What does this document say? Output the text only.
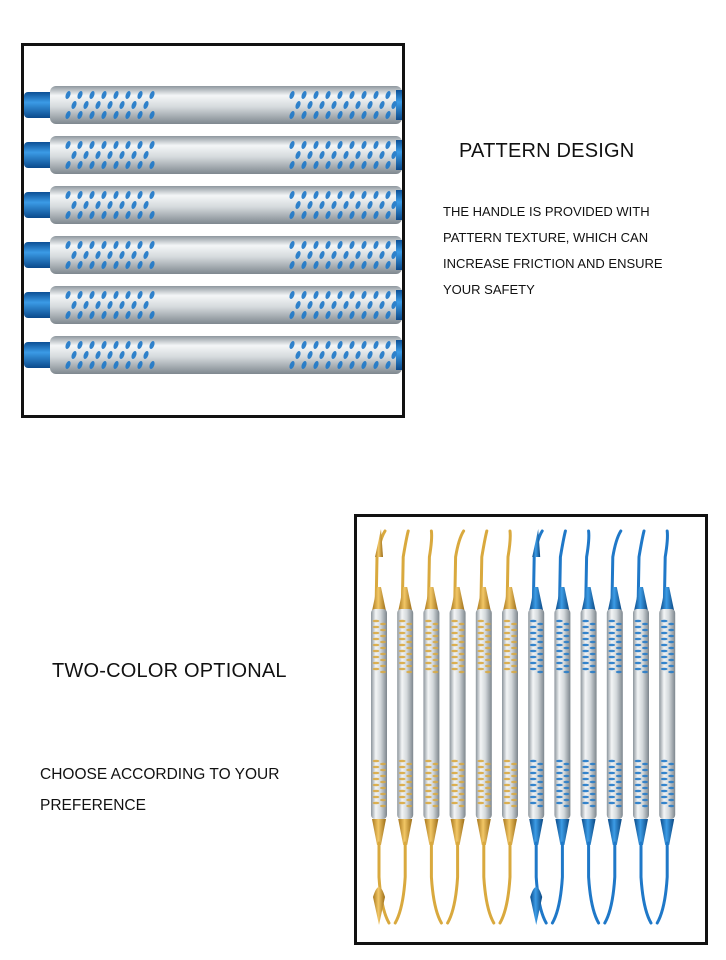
PATTERN DESIGN
THE HANDLE IS PROVIDED WITH
PATTERN TEXTURE, WHICH CAN
INCREASE FRICTION AND ENSURE
YOUR SAFETY
TWO-COLOR OPTIONAL
CHOOSE ACCORDING TO YOUR
PREFERENCE
